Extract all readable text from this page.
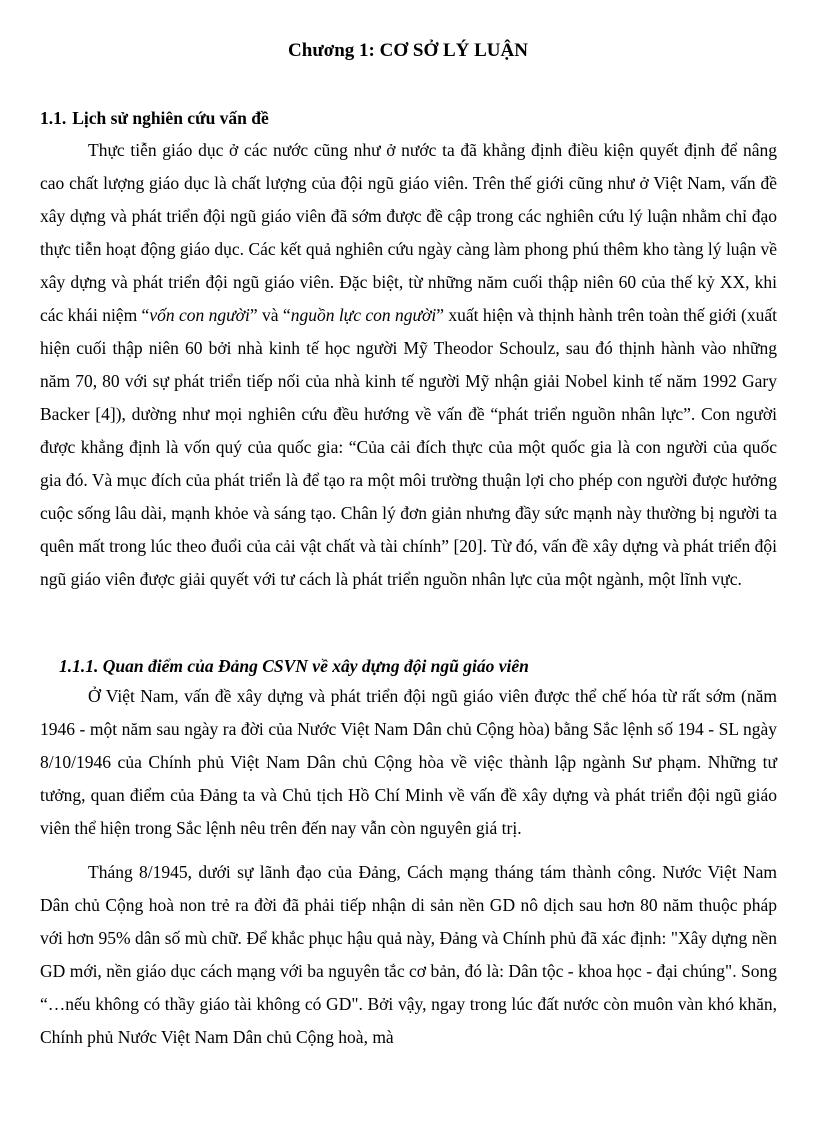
Chương 1: CƠ SỞ LÝ LUẬN
1.1. Lịch sử nghiên cứu vấn đề

Thực tiễn giáo dục ở các nước cũng như ở nước ta đã khẳng định điều kiện quyết định để nâng cao chất lượng giáo dục là chất lượng của đội ngũ giáo viên. Trên thế giới cũng như ở Việt Nam, vấn đề xây dựng và phát triển đội ngũ giáo viên đã sớm được đề cập trong các nghiên cứu lý luận nhằm chỉ đạo thực tiễn hoạt động giáo dục. Các kết quả nghiên cứu ngày càng làm phong phú thêm kho tàng lý luận về xây dựng và phát triển đội ngũ giáo viên. Đặc biệt, từ những năm cuối thập niên 60 của thế kỷ XX, khi các khái niệm “vốn con người” và “nguồn lực con người” xuất hiện và thịnh hành trên toàn thế giới (xuất hiện cuối thập niên 60 bởi nhà kinh tế học người Mỹ Theodor Schoulz, sau đó thịnh hành vào những năm 70, 80 với sự phát triển tiếp nối của nhà kinh tế người Mỹ nhận giải Nobel kinh tế năm 1992 Gary Backer [4]), dường như mọi nghiên cứu đều hướng về vấn đề “phát triển nguồn nhân lực”. Con người được khẳng định là vốn quý của quốc gia: “Của cải đích thực của một quốc gia là con người của quốc gia đó. Và mục đích của phát triển là để tạo ra một môi trường thuận lợi cho phép con người được hưởng cuộc sống lâu dài, mạnh khỏe và sáng tạo. Chân lý đơn giản nhưng đầy sức mạnh này thường bị người ta quên mất trong lúc theo đuổi của cải vật chất và tài chính” [20]. Từ đó, vấn đề xây dựng và phát triển đội ngũ giáo viên được giải quyết với tư cách là phát triển nguồn nhân lực của một ngành, một lĩnh vực.

1.1.1. Quan điểm của Đảng CSVN về xây dựng đội ngũ giáo viên

Ở Việt Nam, vấn đề xây dựng và phát triển đội ngũ giáo viên được thể chế hóa từ rất sớm (năm 1946 - một năm sau ngày ra đời của Nước Việt Nam Dân chủ Cộng hòa) bằng Sắc lệnh số 194 - SL ngày 8/10/1946 của Chính phủ Việt Nam Dân chủ Cộng hòa về việc thành lập ngành Sư phạm. Những tư tưởng, quan điểm của Đảng ta và Chủ tịch Hồ Chí Minh về vấn đề xây dựng và phát triển đội ngũ giáo viên thể hiện trong Sắc lệnh nêu trên đến nay vẫn còn nguyên giá trị.

Tháng 8/1945, dưới sự lãnh đạo của Đảng, Cách mạng tháng tám thành công. Nước Việt Nam Dân chủ Cộng hoà non trẻ ra đời đã phải tiếp nhận di sản nền GD nô dịch sau hơn 80 năm thuộc pháp với hơn 95% dân số mù chữ. Để khắc phục hậu quả này, Đảng và Chính phủ đã xác định: "Xây dựng nền GD mới, nền giáo dục cách mạng với ba nguyên tắc cơ bản, đó là: Dân tộc - khoa học - đại chúng". Song “…nếu không có thầy giáo tài không có GD". Bởi vậy, ngay trong lúc đất nước còn muôn vàn khó khăn, Chính phủ Nước Việt Nam Dân chủ Cộng hoà, mà
